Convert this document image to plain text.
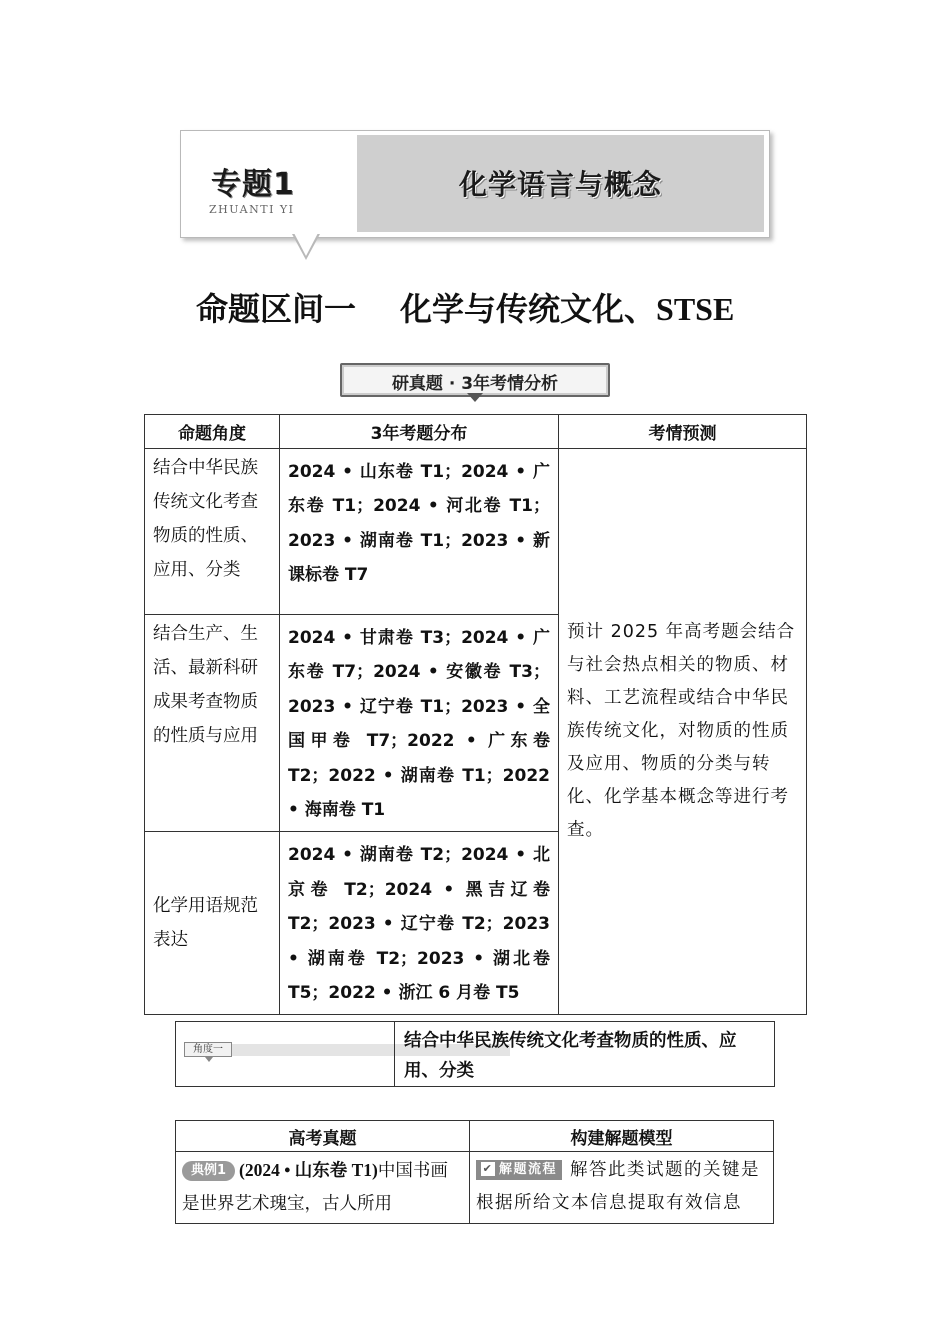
专题1
ZHUANTI YI
化学语言与概念
命题区间一 化学与传统文化、STSE
研真题 · 3年考情分析
命题角度	3年考题分布	考情预测
结合中华民族传统文化考查物质的性质、应用、分类	2024 • 山东卷 T1；2024 • 广东卷 T1；2024 • 河北卷 T1；2023 • 湖南卷 T1；2023 • 新课标卷 T7	预计 2025 年高考题会结合与社会热点相关的物质、材料、工艺流程或结合中华民族传统文化，对物质的性质及应用、物质的分类与转化、化学基本概念等进行考查。
结合生产、生活、最新科研成果考查物质的性质与应用	2024 • 甘肃卷 T3；2024 • 广东卷 T7；2024 • 安徽卷 T3；2023 • 辽宁卷 T1；2023 • 全国甲卷 T7；2022 • 广东卷 T2；2022 • 湖南卷 T1；2022 • 海南卷 T1	
化学用语规范表达	2024 • 湖南卷 T2；2024 • 北京卷 T2；2024 • 黑吉辽卷 T2；2023 • 辽宁卷 T2；2023 • 湖南卷 T2；2023 • 湖北卷 T5；2022 • 浙江 6 月卷 T5	
角度一	结合中华民族传统文化考查物质的性质、应用、分类
高考真题	构建解题模型
典例1 (2024 • 山东卷 T1)中国书画是世界艺术瑰宝，古人所用	✔ 解题流程 解答此类试题的关键是根据所给文本信息提取有效信息
